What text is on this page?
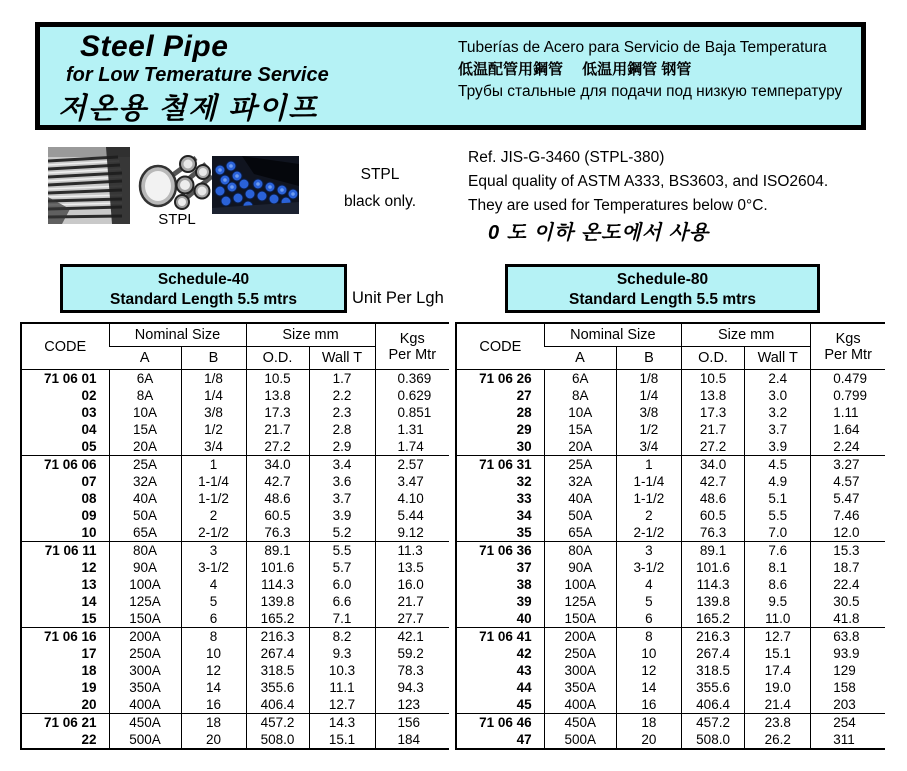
Steel Pipe
for Low Temerature Service
저온용 철제 파이프
Tuberías de Acero para Servicio de Baja Temperatura
低温配管用鋼管　 低温用鋼管 钢管
Трубы стальные для подачи под низкую температуру
STPL
STPL
black only.
Ref. JIS-G-3460 (STPL-380)
Equal quality of ASTM A333, BS3603, and ISO2604.
They are used for Temperatures below 0°C.
0 도 이하 온도에서 사용
Schedule-40
Standard Length 5.5 mtrs	Unit Per Lgh
Schedule-80
Standard Length 5.5 mtrs
CODE	Nominal Size		Size mm		Kgs
Per Mtr

	A	B	O.D.	Wall T	
71 06 01	6A	1/8	10.5	1.7	0.369
02	8A	1/4	13.8	2.2	0.629
03	10A	3/8	17.3	2.3	0.851
04	15A	1/2	21.7	2.8	1.31
05	20A	3/4	27.2	2.9	1.74
71 06 06	25A	1	34.0	3.4	2.57
07	32A	1-1/4	42.7	3.6	3.47
08	40A	1-1/2	48.6	3.7	4.10
09	50A	2	60.5	3.9	5.44
10	65A	2-1/2	76.3	5.2	9.12
71 06 11	80A	3	89.1	5.5	11.3
12	90A	3-1/2	101.6	5.7	13.5
13	100A	4	114.3	6.0	16.0
14	125A	5	139.8	6.6	21.7
15	150A	6	165.2	7.1	27.7
71 06 16	200A	8	216.3	8.2	42.1
17	250A	10	267.4	9.3	59.2
18	300A	12	318.5	10.3	78.3
19	350A	14	355.6	11.1	94.3
20	400A	16	406.4	12.7	123
71 06 21	450A	18	457.2	14.3	156
22	500A	20	508.0	15.1	184
CODE	Nominal Size		Size mm		Kgs
Per Mtr

	A	B	O.D.	Wall T	
71 06 26	6A	1/8	10.5	2.4	0.479
27	8A	1/4	13.8	3.0	0.799
28	10A	3/8	17.3	3.2	1.11
29	15A	1/2	21.7	3.7	1.64
30	20A	3/4	27.2	3.9	2.24
71 06 31	25A	1	34.0	4.5	3.27
32	32A	1-1/4	42.7	4.9	4.57
33	40A	1-1/2	48.6	5.1	5.47
34	50A	2	60.5	5.5	7.46
35	65A	2-1/2	76.3	7.0	12.0
71 06 36	80A	3	89.1	7.6	15.3
37	90A	3-1/2	101.6	8.1	18.7
38	100A	4	114.3	8.6	22.4
39	125A	5	139.8	9.5	30.5
40	150A	6	165.2	11.0	41.8
71 06 41	200A	8	216.3	12.7	63.8
42	250A	10	267.4	15.1	93.9
43	300A	12	318.5	17.4	129
44	350A	14	355.6	19.0	158
45	400A	16	406.4	21.4	203
71 06 46	450A	18	457.2	23.8	254
47	500A	20	508.0	26.2	311
